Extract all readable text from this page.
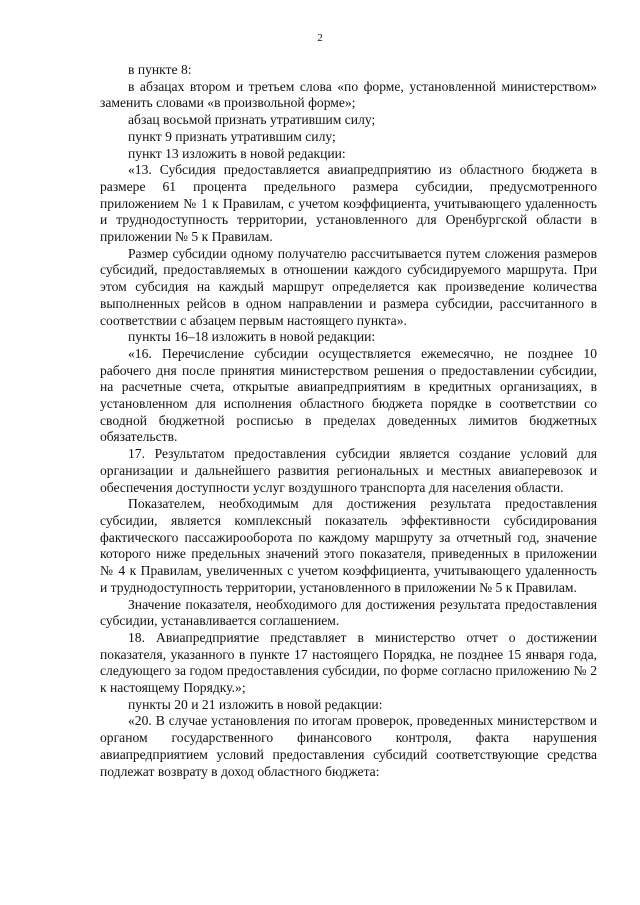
2

в пункте 8:

в абзацах втором и третьем слова «по форме, установленной министерством» заменить словами «в произвольной форме»;

абзац восьмой признать утратившим силу;

пункт 9 признать утратившим силу;

пункт 13 изложить в новой редакции:

«13. Субсидия предоставляется авиапредприятию из областного бюджета в размере 61 процента предельного размера субсидии, предусмотренного приложением № 1 к Правилам, с учетом коэффициента, учитывающего удаленность и труднодоступность территории, установленного для Оренбургской области в приложении № 5 к Правилам.

Размер субсидии одному получателю рассчитывается путем сложения размеров субсидий, предоставляемых в отношении каждого субсидируемого маршрута. При этом субсидия на каждый маршрут определяется как произведение количества выполненных рейсов в одном направлении и размера субсидии, рассчитанного в соответствии с абзацем первым настоящего пункта».

пункты 16–18 изложить в новой редакции:

«16. Перечисление субсидии осуществляется ежемесячно, не позднее 10 рабочего дня после принятия министерством решения о предоставлении субсидии, на расчетные счета, открытые авиапредприятиям в кредитных организациях, в установленном для исполнения областного бюджета порядке в соответствии со сводной бюджетной росписью в пределах доведенных лимитов бюджетных обязательств.

17. Результатом предоставления субсидии является создание условий для организации и дальнейшего развития региональных и местных авиаперевозок и обеспечения доступности услуг воздушного транспорта для населения области.

Показателем, необходимым для достижения результата предоставления субсидии, является комплексный показатель эффективности субсидирования фактического пассажирооборота по каждому маршруту за отчетный год, значение которого ниже предельных значений этого показателя, приведенных в приложении № 4 к Правилам, увеличенных с учетом коэффициента, учитывающего удаленность и труднодоступность территории, установленного в приложении № 5 к Правилам.

Значение показателя, необходимого для достижения результата предоставления субсидии, устанавливается соглашением.

18. Авиапредприятие представляет в министерство отчет о достижении показателя, указанного в пункте 17 настоящего Порядка, не позднее 15 января года, следующего за годом предоставления субсидии, по форме согласно приложению № 2 к настоящему Порядку.»;

пункты 20 и 21 изложить в новой редакции:

«20. В случае установления по итогам проверок, проведенных министерством и органом государственного финансового контроля, факта нарушения авиапредприятием условий предоставления субсидий соответствующие средства подлежат возврату в доход областного бюджета:
